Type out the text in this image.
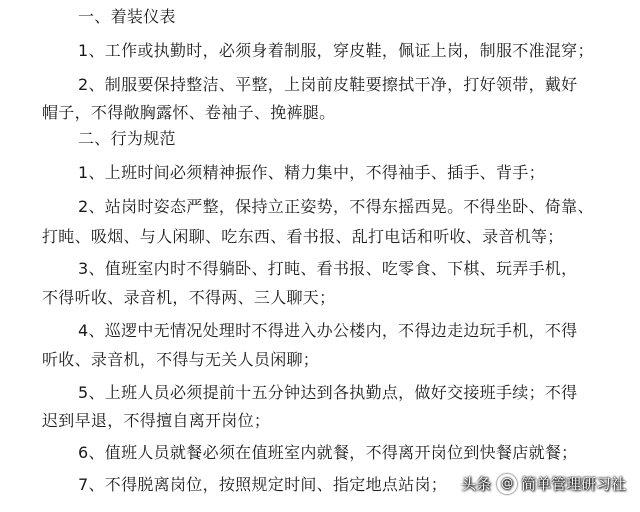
一、着装仪表
1、工作或执勤时，必须身着制服，穿皮鞋，佩证上岗，制服不准混穿；
2、制服要保持整洁、平整，上岗前皮鞋要擦拭干净，打好领带，戴好
帽子，不得敞胸露怀、卷袖子、挽裤腿。
二、行为规范
1、上班时间必须精神振作、精力集中，不得袖手、插手、背手；
2、站岗时姿态严整，保持立正姿势，不得东摇西晃。不得坐卧、倚靠、
打盹、吸烟、与人闲聊、吃东西、看书报、乱打电话和听收、录音机等；
3、值班室内时不得躺卧、打盹、看书报、吃零食、下棋、玩弄手机，
不得听收、录音机，不得两、三人聊天；
4、巡逻中无情况处理时不得进入办公楼内，不得边走边玩手机，不得
听收、录音机，不得与无关人员闲聊；
5、上班人员必须提前十五分钟达到各执勤点，做好交接班手续；不得
迟到早退，不得擅自离开岗位；
6、值班人员就餐必须在值班室内就餐，不得离开岗位到快餐店就餐；
7、不得脱离岗位，按照规定时间、指定地点站岗； 头条 @ 简单管理研习社
